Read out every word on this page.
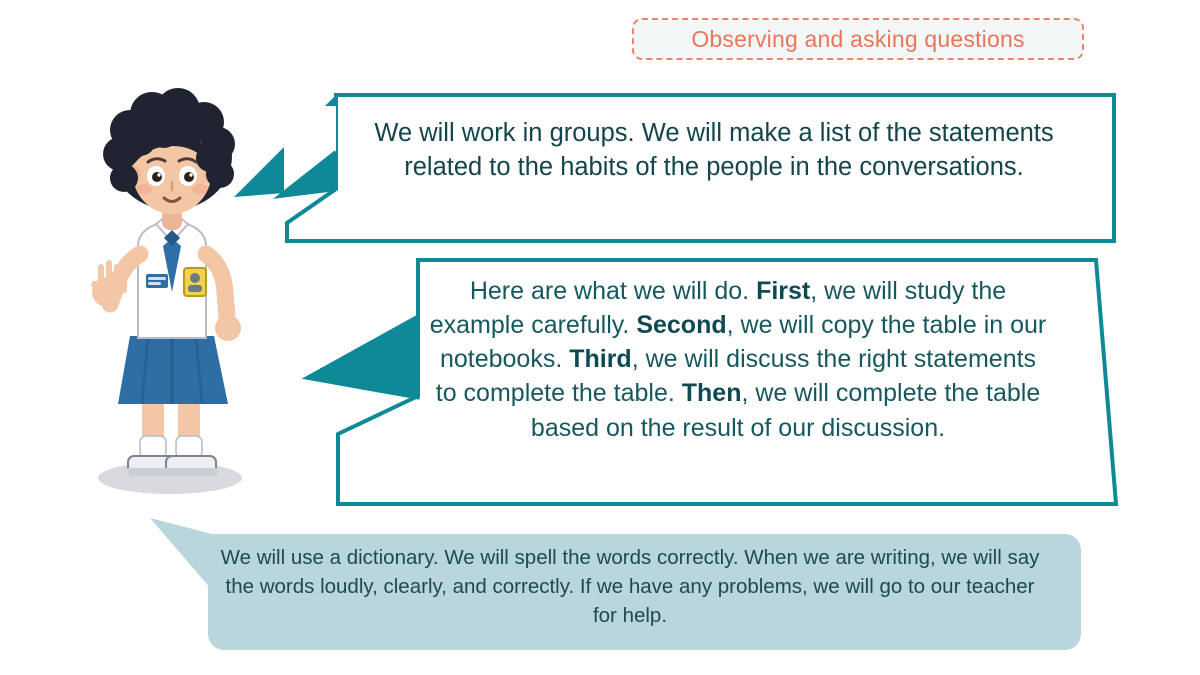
Observing and asking questions
We will work in groups. We will make a list of the statements related to the habits of the people in the conversations.
Here are what we will do. First, we will study the example carefully. Second, we will copy the table in our notebooks. Third, we will discuss the right statements to complete the table. Then, we will complete the table based on the result of our discussion.
We will use a dictionary. We will spell the words correctly. When we are writing, we will say the words loudly, clearly, and correctly. If we have any problems, we will go to our teacher for help.
